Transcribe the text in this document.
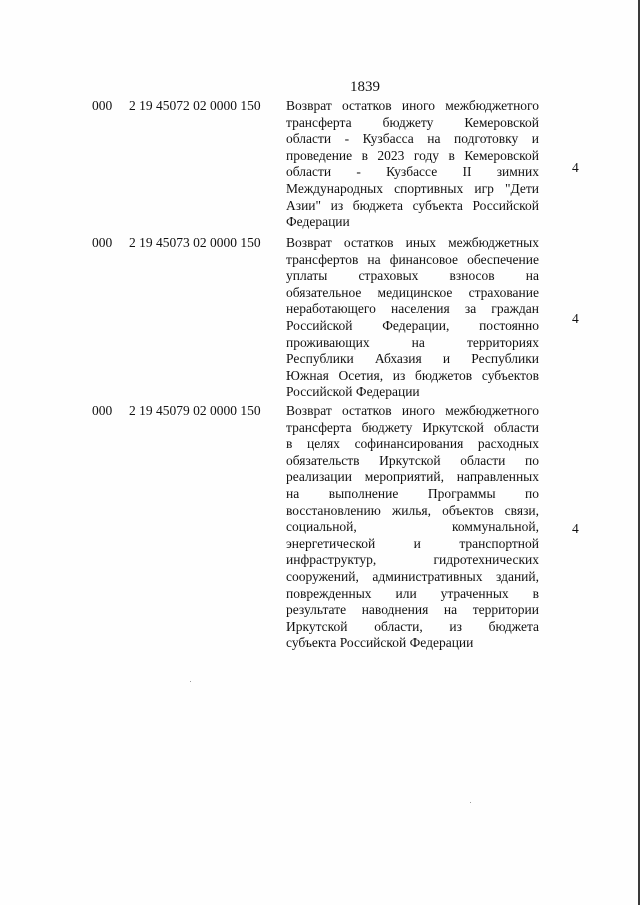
1839
000 2 19 45072 02 0000 150 Возврат остатков иного межбюджетного
трансферта бюджету Кемеровской
области - Кузбасса на подготовку и
проведение в 2023 году в Кемеровской
области - Кузбассе II зимних
Международных спортивных игр "Дети
Азии" из бюджета субъекта Российской
Федерации
4
000 2 19 45073 02 0000 150 Возврат остатков иных межбюджетных
трансфертов на финансовое обеспечение
уплаты страховых взносов на
обязательное медицинское страхование
неработающего населения за граждан
Российской Федерации, постоянно
проживающих на территориях
Республики Абхазия и Республики
Южная Осетия, из бюджетов субъектов
Российской Федерации
4
000 2 19 45079 02 0000 150 Возврат остатков иного межбюджетного
трансферта бюджету Иркутской области
в целях софинансирования расходных
обязательств Иркутской области по
реализации мероприятий, направленных
на выполнение Программы по
восстановлению жилья, объектов связи,
социальной, коммунальной,
энергетической и транспортной
инфраструктур, гидротехнических
сооружений, административных зданий,
поврежденных или утраченных в
результате наводнения на территории
Иркутской области, из бюджета
субъекта Российской Федерации
4
